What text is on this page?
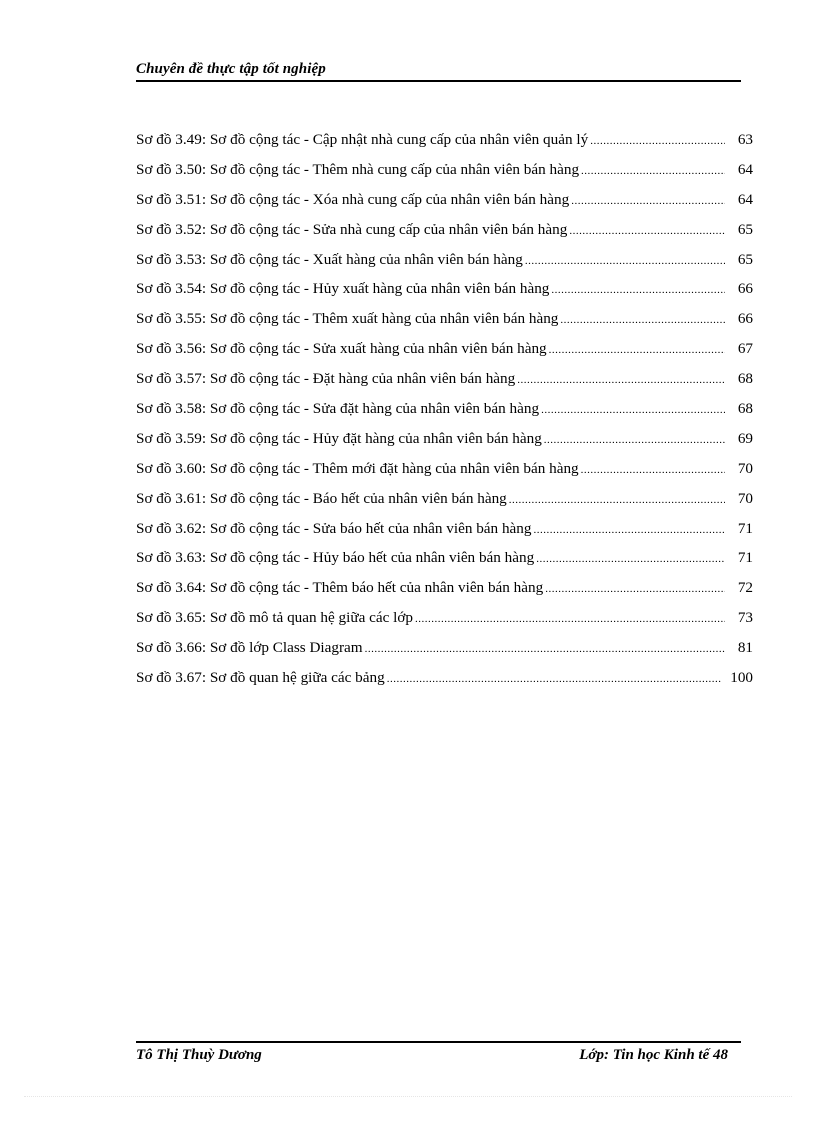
Chuyên đề thực tập tốt nghiệp
Sơ đồ 3.49: Sơ đồ cộng tác - Cập nhật nhà cung cấp của nhân viên quản lý .....	63
Sơ đồ 3.50: Sơ đồ cộng tác - Thêm nhà cung cấp của nhân viên bán hàng .....	64
Sơ đồ 3.51: Sơ đồ cộng tác - Xóa nhà cung cấp của nhân viên bán hàng .....	64
Sơ đồ 3.52: Sơ đồ cộng tác - Sửa nhà cung cấp của nhân viên bán hàng .....	65
Sơ đồ 3.53: Sơ đồ cộng tác - Xuất hàng của nhân viên bán hàng .....	65
Sơ đồ 3.54: Sơ đồ cộng tác - Hủy xuất hàng của nhân viên bán hàng .....	66
Sơ đồ 3.55: Sơ đồ cộng tác - Thêm xuất hàng của nhân viên bán hàng .....	66
Sơ đồ 3.56: Sơ đồ cộng tác - Sửa xuất hàng của nhân viên bán hàng .....	67
Sơ đồ 3.57: Sơ đồ cộng tác - Đặt hàng của nhân viên bán hàng .....	68
Sơ đồ 3.58: Sơ đồ cộng tác - Sửa đặt hàng của nhân viên bán hàng .....	68
Sơ đồ 3.59: Sơ đồ cộng tác - Hủy đặt hàng của nhân viên bán hàng .....	69
Sơ đồ 3.60: Sơ đồ cộng tác - Thêm mới đặt hàng của nhân viên bán hàng .....	70
Sơ đồ 3.61: Sơ đồ cộng tác - Báo hết của nhân viên bán hàng .....	70
Sơ đồ 3.62: Sơ đồ cộng tác - Sửa báo hết của nhân viên bán hàng .....	71
Sơ đồ 3.63: Sơ đồ cộng tác - Hủy báo hết của nhân viên bán hàng .....	71
Sơ đồ 3.64: Sơ đồ cộng tác - Thêm báo hết của nhân viên bán hàng .....	72
Sơ đồ 3.65: Sơ đồ mô tả quan hệ giữa các lớp .....	73
Sơ đồ 3.66: Sơ đồ lớp Class Diagram .....	81
Sơ đồ 3.67: Sơ đồ quan hệ giữa các bảng .....	100
Tô Thị Thuỳ Dương	Lớp: Tin học Kinh tế 48
